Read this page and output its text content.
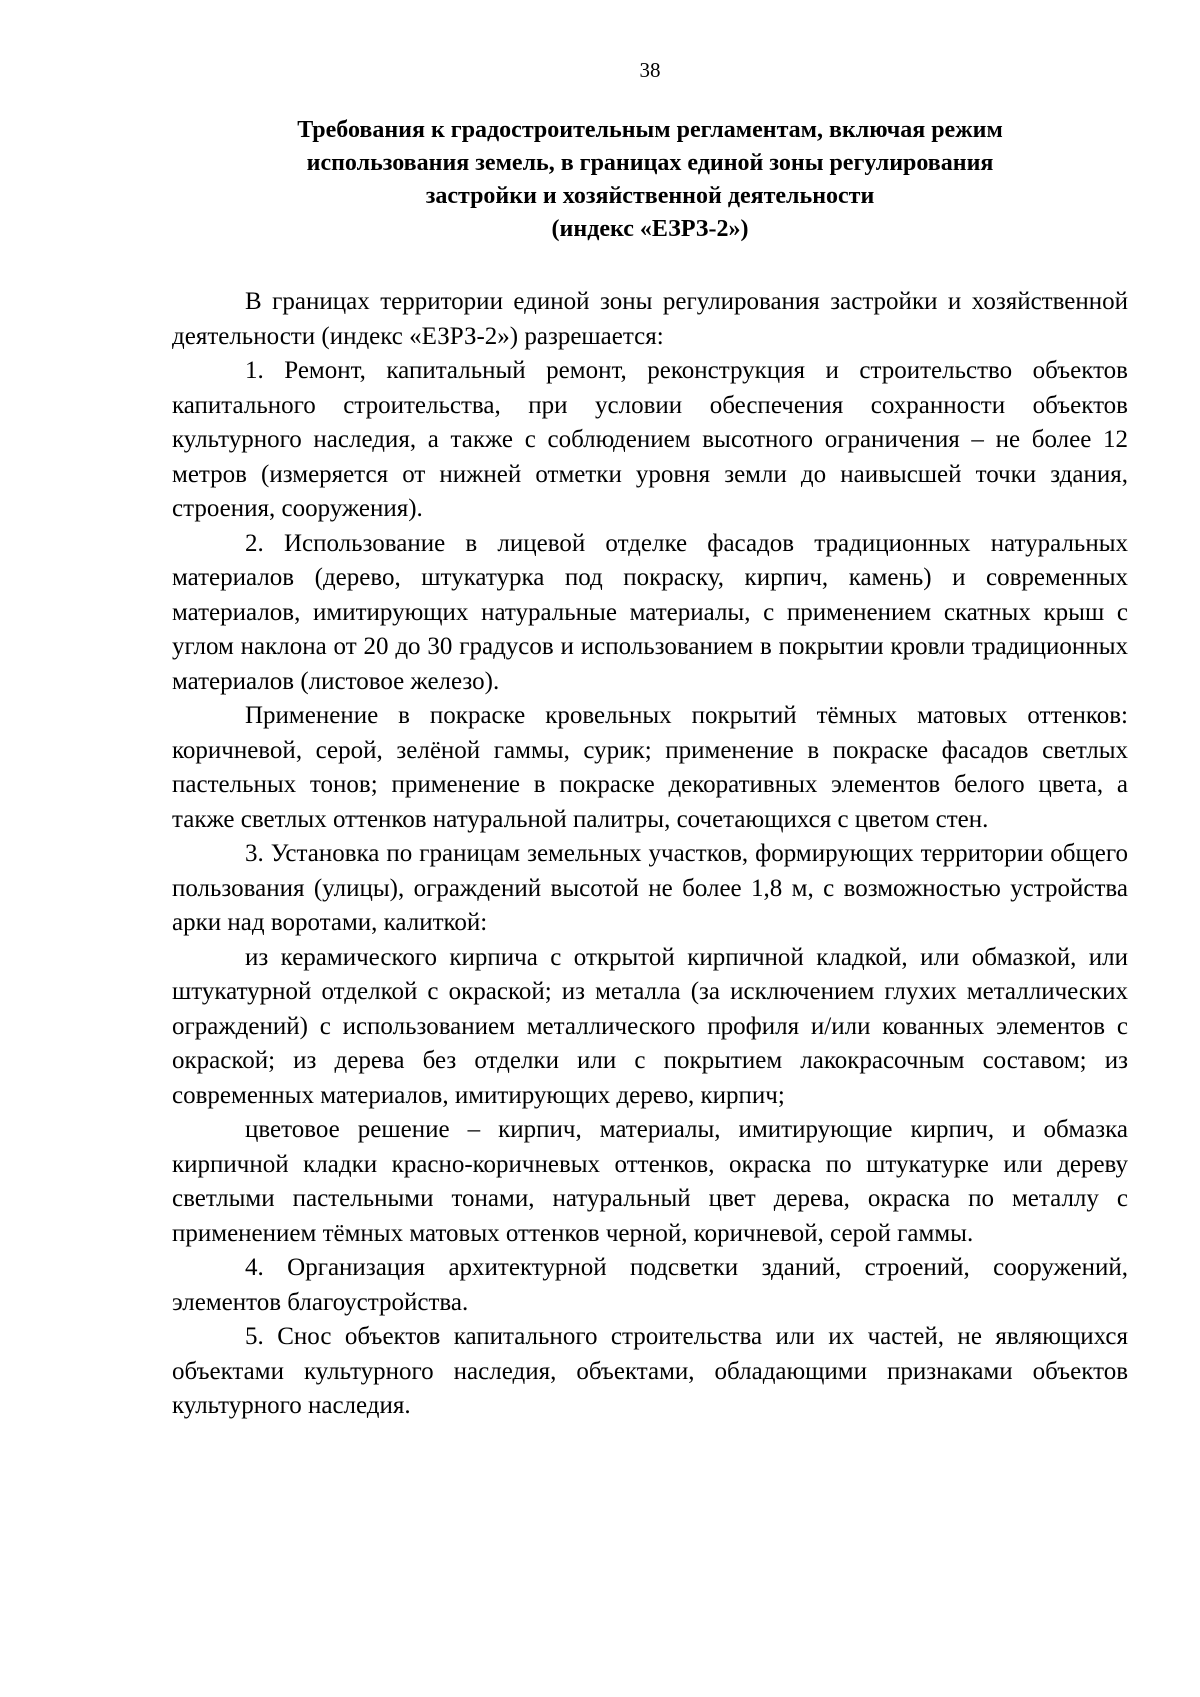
38
Требования к градостроительным регламентам, включая режим
использования земель, в границах единой зоны регулирования
застройки и хозяйственной деятельности
(индекс «ЕЗРЗ-2»)

В границах территории единой зоны регулирования застройки и хозяйственной деятельности (индекс «ЕЗРЗ-2») разрешается:

1. Ремонт, капитальный ремонт, реконструкция и строительство объектов капитального строительства, при условии обеспечения сохранности объектов культурного наследия, а также с соблюдением высотного ограничения – не более 12 метров (измеряется от нижней отметки уровня земли до наивысшей точки здания, строения, сооружения).

2. Использование в лицевой отделке фасадов традиционных натуральных материалов (дерево, штукатурка под покраску, кирпич, камень) и современных материалов, имитирующих натуральные материалы, с применением скатных крыш с углом наклона от 20 до 30 градусов и использованием в покрытии кровли традиционных материалов (листовое железо).

Применение в покраске кровельных покрытий тёмных матовых оттенков: коричневой, серой, зелёной гаммы, сурик; применение в покраске фасадов светлых пастельных тонов; применение в покраске декоративных элементов белого цвета, а также светлых оттенков натуральной палитры, сочетающихся с цветом стен.

3. Установка по границам земельных участков, формирующих территории общего пользования (улицы), ограждений высотой не более 1,8 м, с возможностью устройства арки над воротами, калиткой:

из керамического кирпича с открытой кирпичной кладкой, или обмазкой, или штукатурной отделкой с окраской; из металла (за исключением глухих металлических ограждений) с использованием металлического профиля и/или кованных элементов с окраской; из дерева без отделки или с покрытием лакокрасочным составом; из современных материалов, имитирующих дерево, кирпич;

цветовое решение – кирпич, материалы, имитирующие кирпич, и обмазка кирпичной кладки красно-коричневых оттенков, окраска по штукатурке или дереву светлыми пастельными тонами, натуральный цвет дерева, окраска по металлу с применением тёмных матовых оттенков черной, коричневой, серой гаммы.

4. Организация архитектурной подсветки зданий, строений, сооружений, элементов благоустройства.

5. Снос объектов капитального строительства или их частей, не являющихся объектами культурного наследия, объектами, обладающими признаками объектов культурного наследия.
